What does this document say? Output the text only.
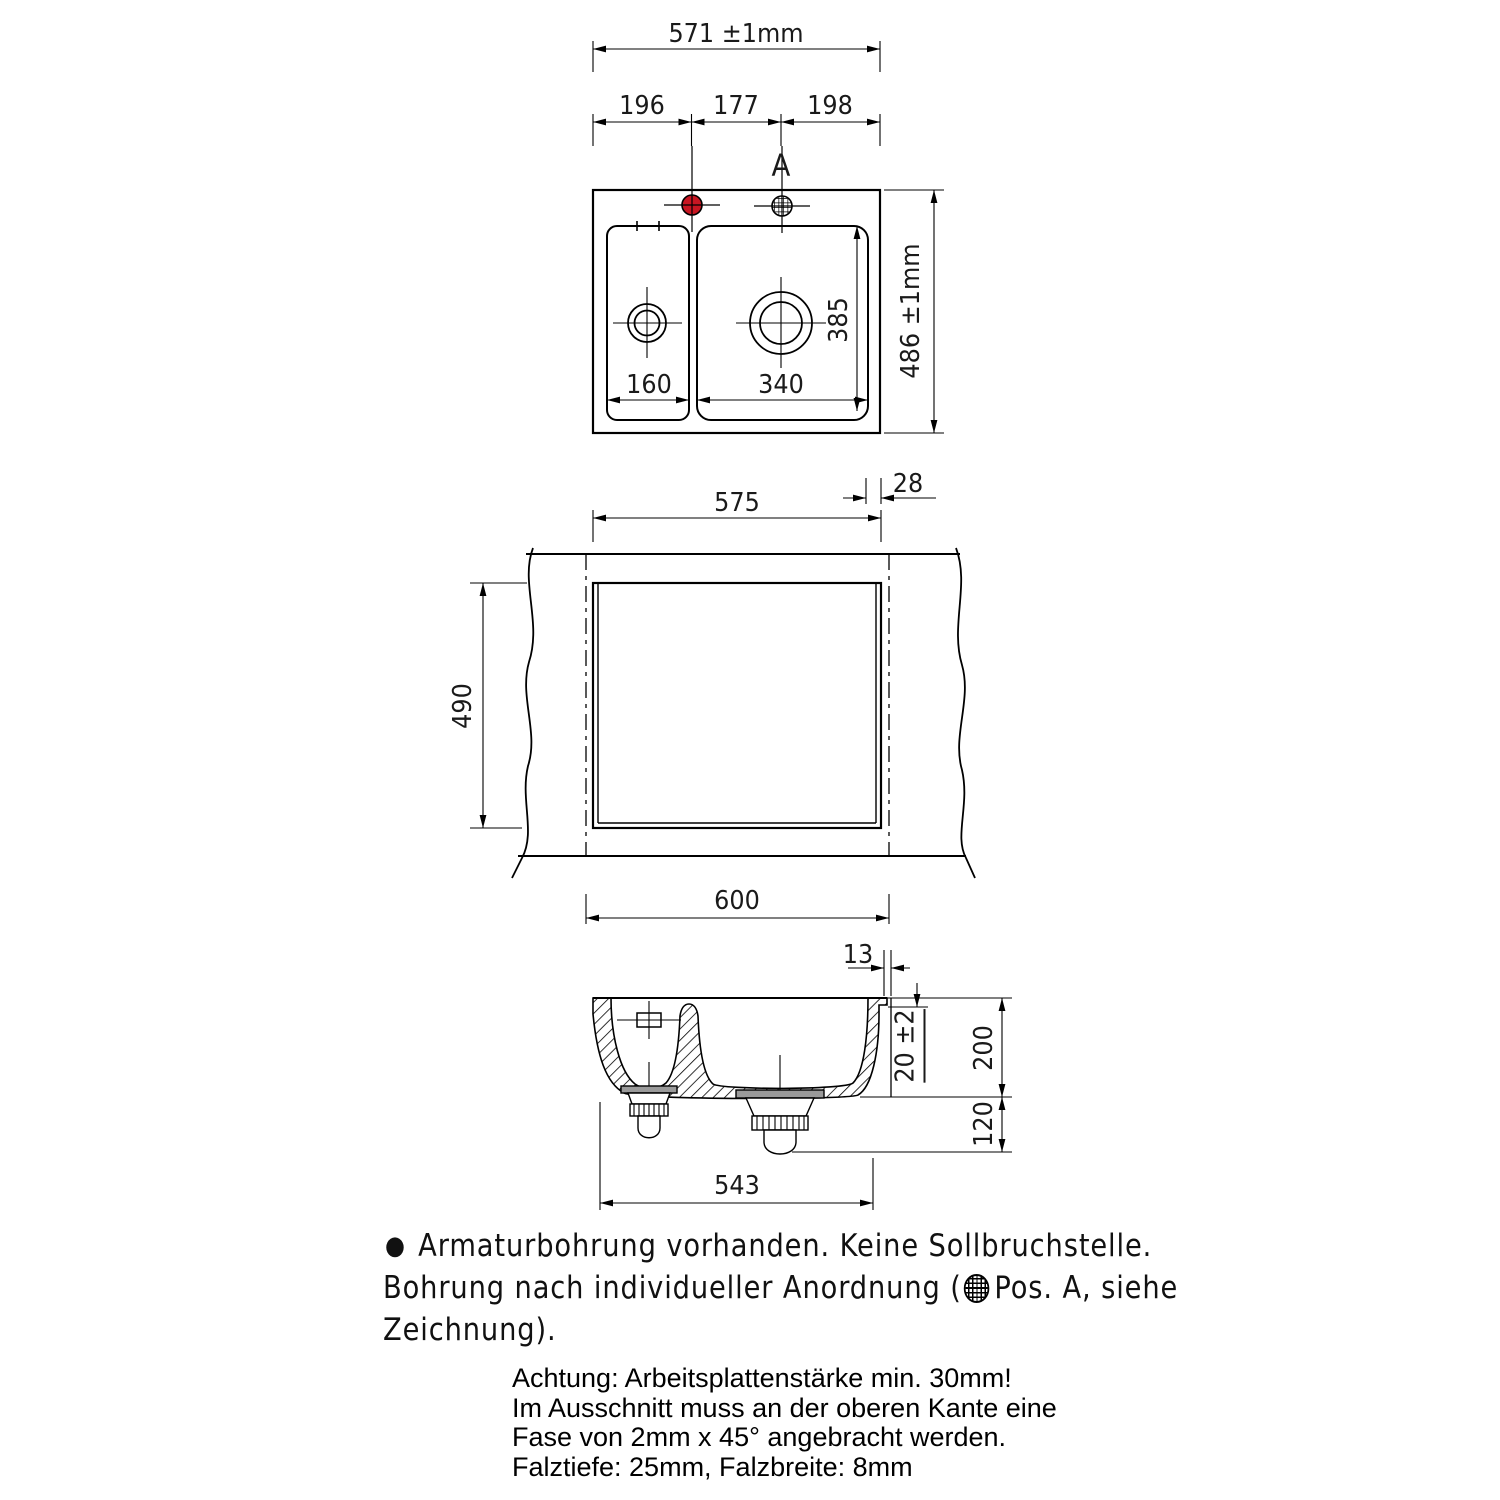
571 ±1mm
196 177 198
A
160	340
385 486 ±1mm
575
28
490
600
13
20 ±2 200
120
543
● Armaturbohrung vorhanden. Keine Sollbruchstelle.
Bohrung nach individueller Anordnung ( Pos. A, siehe
Zeichnung).
Achtung: Arbeitsplattenstärke min. 30mm!
Im Ausschnitt muss an der oberen Kante eine
Fase von 2mm x 45° angebracht werden.
Falztiefe: 25mm, Falzbreite: 8mm
